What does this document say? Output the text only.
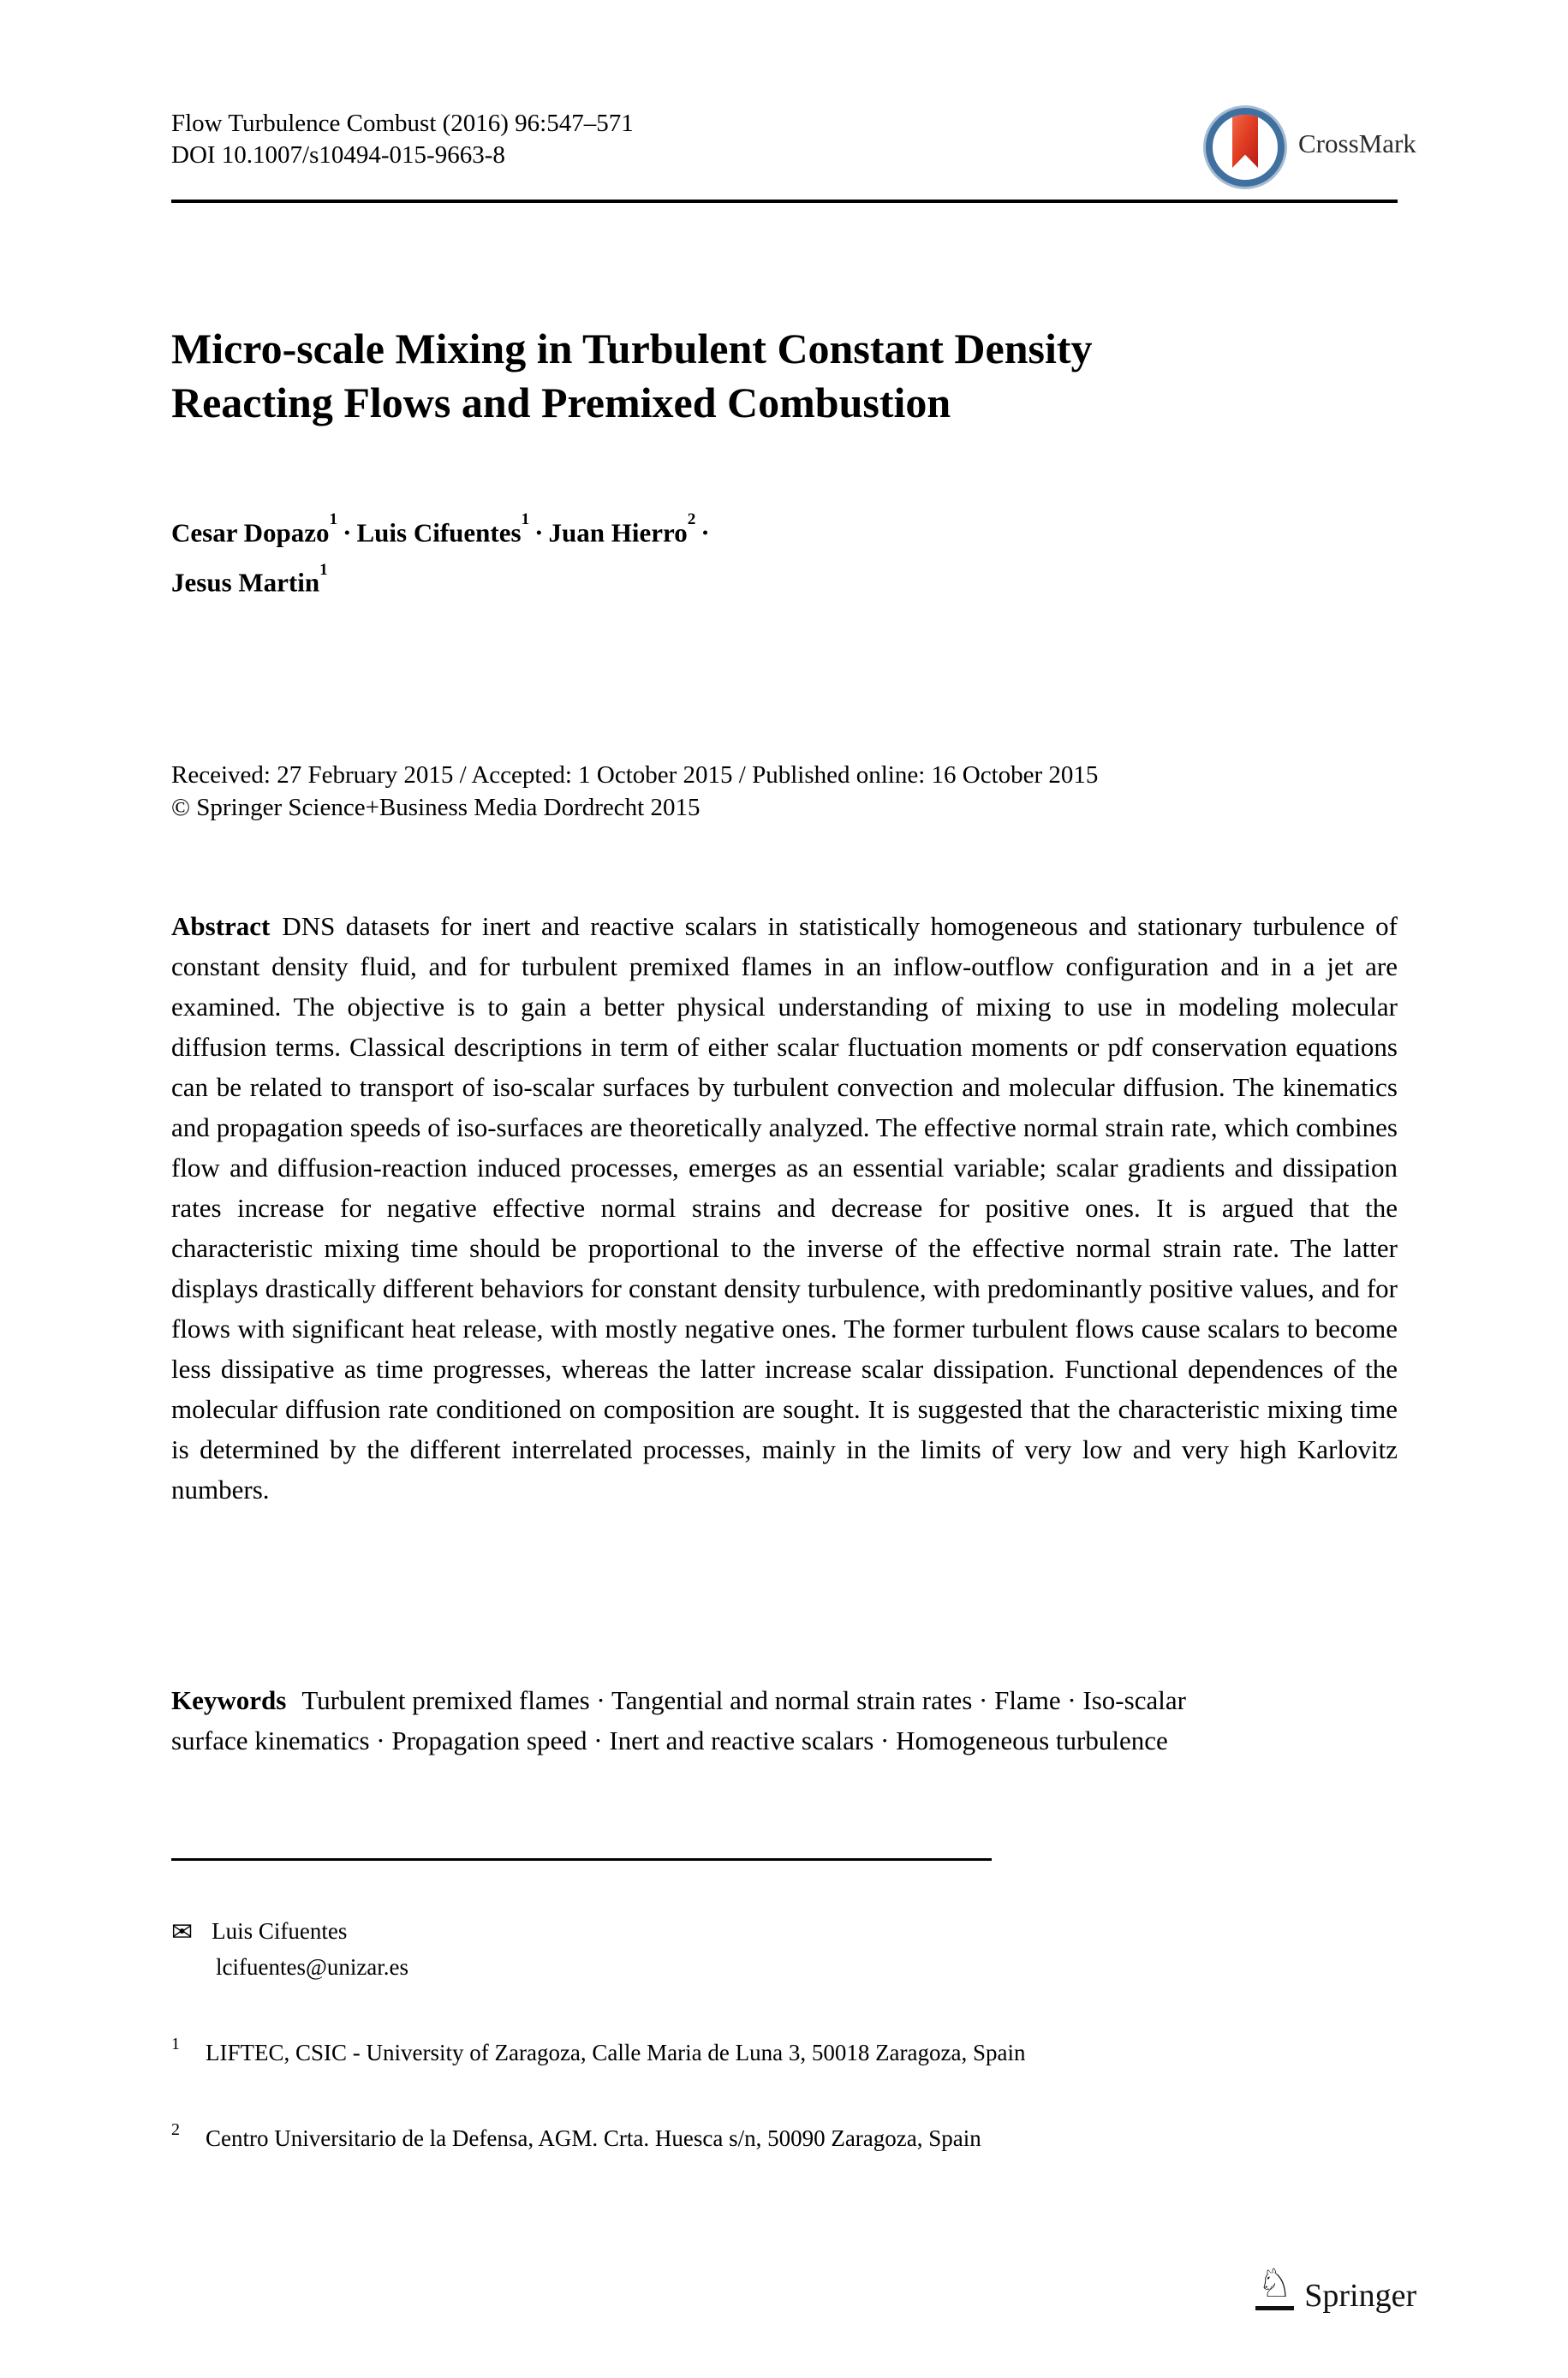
Flow Turbulence Combust (2016) 96:547–571
DOI 10.1007/s10494-015-9663-8	CrossMark
Micro-scale Mixing in Turbulent Constant Density
Reacting Flows and Premixed Combustion
Cesar Dopazo$^1$ · Luis Cifuentes$^1$ · Juan Hierro$^2$ ·
Jesus Martin$^1$
Received: 27 February 2015 / Accepted: 1 October 2015 / Published online: 16 October 2015
© Springer Science+Business Media Dordrecht 2015
Abstract DNS datasets for inert and reactive scalars in statistically homogeneous and stationary turbulence of constant density fluid, and for turbulent premixed flames in an inflow-outflow configuration and in a jet are examined. The objective is to gain a better physical understanding of mixing to use in modeling molecular diffusion terms. Classical descriptions in term of either scalar fluctuation moments or pdf conservation equations can be related to transport of iso-scalar surfaces by turbulent convection and molecular diffusion. The kinematics and propagation speeds of iso-surfaces are theoretically analyzed. The effective normal strain rate, which combines flow and diffusion-reaction induced processes, emerges as an essential variable; scalar gradients and dissipation rates increase for negative effective normal strains and decrease for positive ones. It is argued that the characteristic mixing time should be proportional to the inverse of the effective normal strain rate. The latter displays drastically different behaviors for constant density turbulence, with predominantly positive values, and for flows with significant heat release, with mostly negative ones. The former turbulent flows cause scalars to become less dissipative as time progresses, whereas the latter increase scalar dissipation. Functional dependences of the molecular diffusion rate conditioned on composition are sought. It is suggested that the characteristic mixing time is determined by the different interrelated processes, mainly in the limits of very low and very high Karlovitz numbers.
Keywords Turbulent premixed flames · Tangential and normal strain rates · Flame · Iso-scalar surface kinematics · Propagation speed · Inert and reactive scalars · Homogeneous turbulence
✉ Luis Cifuentes
lcifuentes@unizar.es
$^1$ LIFTEC, CSIC - University of Zaragoza, Calle Maria de Luna 3, 50018 Zaragoza, Spain
$^2$ Centro Universitario de la Defensa, AGM. Crta. Huesca s/n, 50090 Zaragoza, Spain
♘ Springer
